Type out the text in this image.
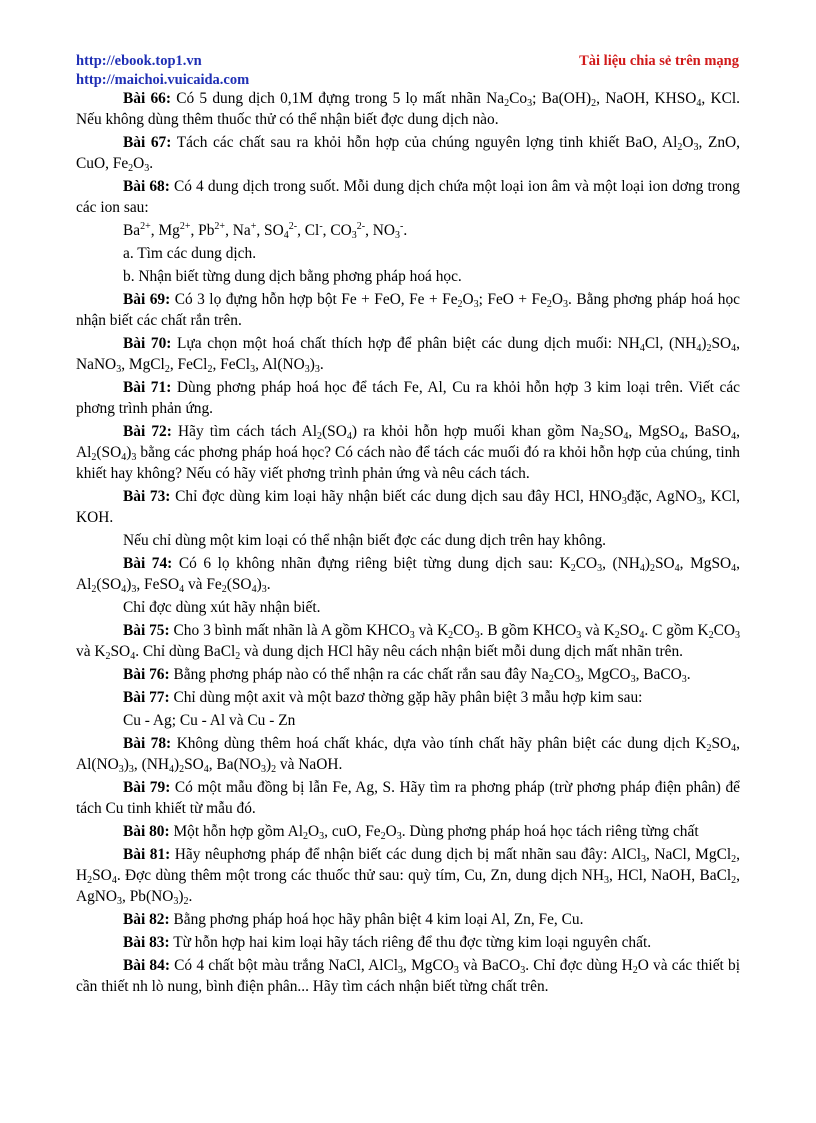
http://ebook.top1.vn
http://maichoi.vuicaida.com
Tài liệu chia sẻ trên mạng

Bài 66: Có 5 dung dịch 0,1M đựng trong 5 lọ mất nhãn $Na_2Co_3$; $Ba(OH)_2$, NaOH, $KHSO_4$, KCl. Nếu không dùng thêm thuốc thử có thể nhận biết đợc dung dịch nào.

Bài 67: Tách các chất sau ra khỏi hỗn hợp của chúng nguyên lợng tinh khiết BaO, $Al_2O_3$, ZnO, CuO, $Fe_2O_3$.

Bài 68: Có 4 dung dịch trong suốt. Mỗi dung dịch chứa một loại ion âm và một loại ion dơng trong các ion sau:

$Ba^{2+}$, $Mg^{2+}$, $Pb^{2+}$, Na+, $SO_4^{2-}$, Cl-, $CO_3^{2-}$, $NO_3^-$.

a. Tìm các dung dịch.

b. Nhận biết từng dung dịch bằng phơng pháp hoá học.

Bài 69: Có 3 lọ đựng hỗn hợp bột Fe + FeO, $Fe + Fe_2O_3$; FeO + $Fe_2O_3$. Bằng phơng pháp hoá học nhận biết các chất rắn trên.

Bài 70: Lựa chọn một hoá chất thích hợp để phân biệt các dung dịch muối: $NH_4Cl$, $(NH_4)_2SO_4$, NaNO$_3$, MgCl$_2$, FeCl$_2$, FeCl$_3$, $Al(NO_3)_3$.

Bài 71: Dùng phơng pháp hoá học để tách Fe, Al, Cu ra khỏi hỗn hợp 3 kim loại trên. Viết các phơng trình phản ứng.

Bài 72: Hãy tìm cách tách $Al_2(SO_4)$ ra khỏi hỗn hợp muối khan gồm $Na_2SO_4$, MgSO$_4$, BaSO$_4$, $Al_2(SO_4)_3$ bằng các phơng pháp hoá học? Có cách nào để tách các muối đó ra khỏi hỗn hợp của chúng, tinh khiết hay không? Nếu có hãy viết phơng trình phản ứng và nêu cách tách.

Bài 73: Chỉ đợc dùng kim loại hãy nhận biết các dung dịch sau đây HCl, $HNO_3đặc$, AgNO$_3$, KCl, KOH.

Nếu chỉ dùng một kim loại có thể nhận biết đợc các dung dịch trên hay không.

Bài 74: Có 6 lọ không nhãn đựng riêng biệt từng dung dịch sau: $K_2CO_3$, $(NH_4)_2SO_4$, MgSO$_4$, $Al_2(SO_4)_3$, FeSO$_4$ và $Fe_2(SO_4)_3$.

Chỉ đợc dùng xút hãy nhận biết.

Bài 75: Cho 3 bình mất nhãn là A gồm $KHCO_3$ và $K_2CO_3$. B gồm $KHCO_3$ và $K_2SO_4$. C gồm $K_2CO_3$ và $K_2SO_4$. Chỉ dùng BaCl$_2$ và dung dịch HCl hãy nêu cách nhận biết mỗi dung dịch mất nhãn trên.

Bài 76: Bằng phơng pháp nào có thể nhận ra các chất rắn sau đây $Na_2CO_3$, MgCO$_3$, BaCO$_3$.

Bài 77: Chỉ dùng một axit và một bazơ thờng gặp hãy phân biệt 3 mẫu hợp kim sau:

Cu - Ag; Cu - Al và Cu - Zn

Bài 78: Không dùng thêm hoá chất khác, dựa vào tính chất hãy phân biệt các dung dịch $K_2SO_4$, $Al(NO_3)_3$, $(NH_4)_2SO_4$, $Ba(NO_3)_2$ và NaOH.

Bài 79: Có một mẫu đồng bị lẫn Fe, Ag, S. Hãy tìm ra phơng pháp (trừ phơng pháp điện phân) để tách Cu tinh khiết từ mẫu đó.

Bài 80: Một hỗn hợp gồm $Al_2O_3$, cuO, $Fe_2O_3$. Dùng phơng pháp hoá học tách riêng từng chất

Bài 81: Hãy nêuphơng pháp để nhận biết các dung dịch bị mất nhãn sau đây: AlCl$_3$, NaCl, MgCl$_2$, $H_2SO_4$. Đợc dùng thêm một trong các thuốc thử sau: quỳ tím, Cu, Zn, dung dịch $NH_3$, HCl, NaOH, BaCl$_2$, AgNO$_3$, $Pb(NO_3)_2$.

Bài 82: Bằng phơng pháp hoá học hãy phân biệt 4 kim loại Al, Zn, Fe, Cu.

Bài 83: Từ hỗn hợp hai kim loại hãy tách riêng để thu đợc từng kim loại nguyên chất.

Bài 84: Có 4 chất bột màu trắng NaCl, AlCl$_3$, MgCO$_3$ và BaCO$_3$. Chỉ đợc dùng $H_2O$ và các thiết bị cần thiết nh lò nung, bình điện phân... Hãy tìm cách nhận biết từng chất trên.
